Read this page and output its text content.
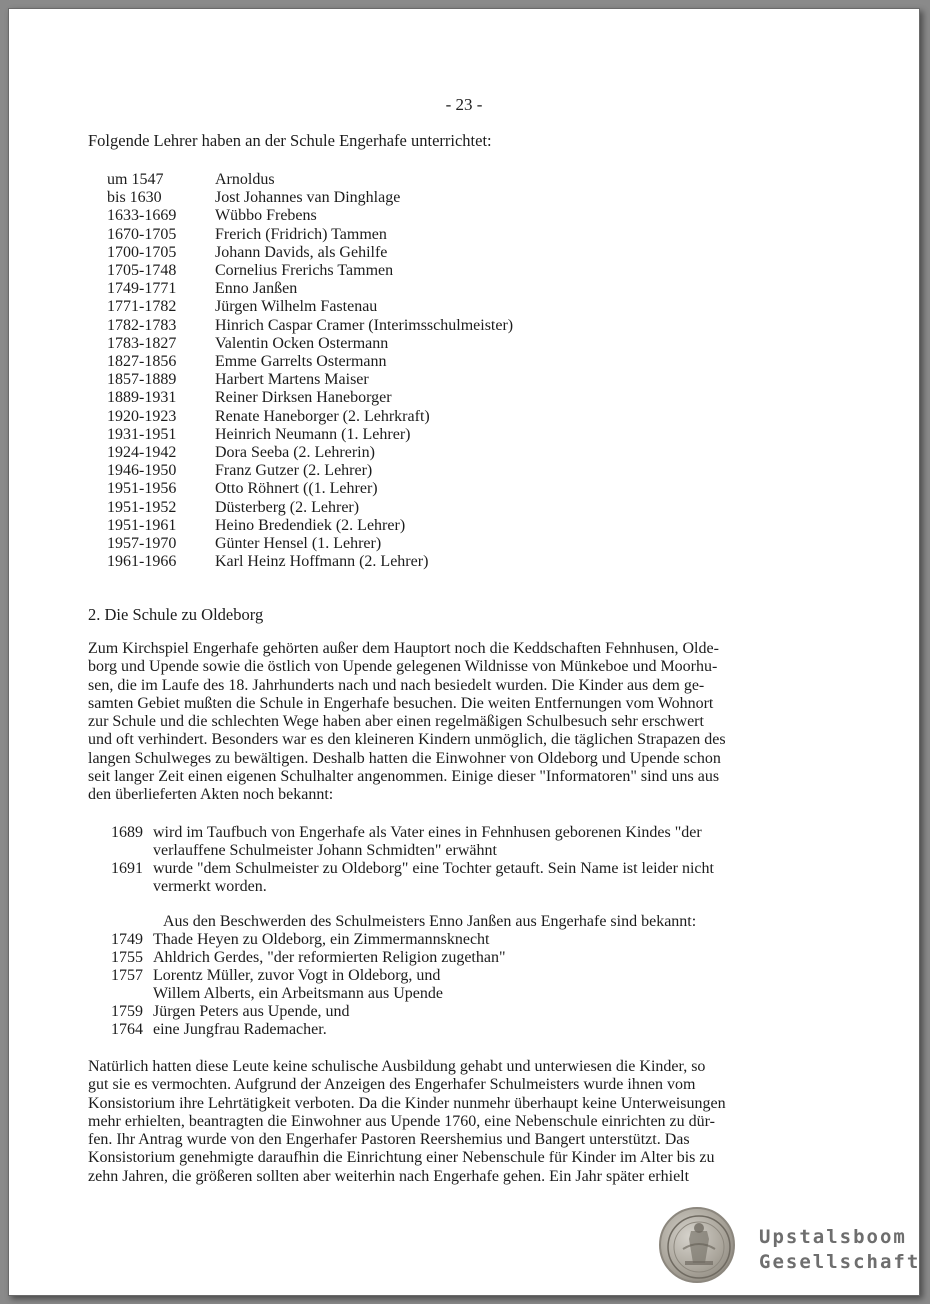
- 23 -
Folgende Lehrer haben an der Schule Engerhafe unterrichtet:
um 1547	Arnoldus
bis 1630	Jost Johannes van Dinghlage
1633-1669	Wübbo Frebens
1670-1705	Frerich (Fridrich) Tammen
1700-1705	Johann Davids, als Gehilfe
1705-1748	Cornelius Frerichs Tammen
1749-1771	Enno Janßen
1771-1782	Jürgen Wilhelm Fastenau
1782-1783	Hinrich Caspar Cramer (Interimsschulmeister)
1783-1827	Valentin Ocken Ostermann
1827-1856	Emme Garrelts Ostermann
1857-1889	Harbert Martens Maiser
1889-1931	Reiner Dirksen Haneborger
1920-1923	Renate Haneborger (2. Lehrkraft)
1931-1951	Heinrich Neumann (1. Lehrer)
1924-1942	Dora Seeba (2. Lehrerin)
1946-1950	Franz Gutzer (2. Lehrer)
1951-1956	Otto Röhnert ((1. Lehrer)
1951-1952	Düsterberg (2. Lehrer)
1951-1961	Heino Bredendiek (2. Lehrer)
1957-1970	Günter Hensel (1. Lehrer)
1961-1966	Karl Heinz Hoffmann (2. Lehrer)
2. Die Schule zu Oldeborg
Zum Kirchspiel Engerhafe gehörten außer dem Hauptort noch die Keddschaften Fehnhusen, Olde-
borg und Upende sowie die östlich von Upende gelegenen Wildnisse von Münkeboe und Moorhu-
sen, die im Laufe des 18. Jahrhunderts nach und nach besiedelt wurden. Die Kinder aus dem ge-
samten Gebiet mußten die Schule in Engerhafe besuchen. Die weiten Entfernungen vom Wohnort
zur Schule und die schlechten Wege haben aber einen regelmäßigen Schulbesuch sehr erschwert
und oft verhindert. Besonders war es den kleineren Kindern unmöglich, die täglichen Strapazen des
langen Schulweges zu bewältigen. Deshalb hatten die Einwohner von Oldeborg und Upende schon
seit langer Zeit einen eigenen Schulhalter angenommen. Einige dieser "Informatoren" sind uns aus
den überlieferten Akten noch bekannt:
1689 wird im Taufbuch von Engerhafe als Vater eines in Fehnhusen geborenen Kindes "der
verlauffene Schulmeister Johann Schmidten" erwähnt
1691 wurde "dem Schulmeister zu Oldeborg" eine Tochter getauft. Sein Name ist leider nicht
vermerkt worden.
Aus den Beschwerden des Schulmeisters Enno Janßen aus Engerhafe sind bekannt:
1749 Thade Heyen zu Oldeborg, ein Zimmermannsknecht
1755 Ahldrich Gerdes, "der reformierten Religion zugethan"
1757 Lorentz Müller, zuvor Vogt in Oldeborg, und
Willem Alberts, ein Arbeitsmann aus Upende
1759 Jürgen Peters aus Upende, und
1764 eine Jungfrau Rademacher.
Natürlich hatten diese Leute keine schulische Ausbildung gehabt und unterwiesen die Kinder, so
gut sie es vermochten. Aufgrund der Anzeigen des Engerhafer Schulmeisters wurde ihnen vom
Konsistorium ihre Lehrtätigkeit verboten. Da die Kinder nunmehr überhaupt keine Unterweisungen
mehr erhielten, beantragten die Einwohner aus Upende 1760, eine Nebenschule einrichten zu dür-
fen. Ihr Antrag wurde von den Engerhafer Pastoren Reershemius und Bangert unterstützt. Das
Konsistorium genehmigte daraufhin die Einrichtung einer Nebenschule für Kinder im Alter bis zu
zehn Jahren, die größeren sollten aber weiterhin nach Engerhafe gehen. Ein Jahr später erhielt
Upstalsboom
Gesellschaft
